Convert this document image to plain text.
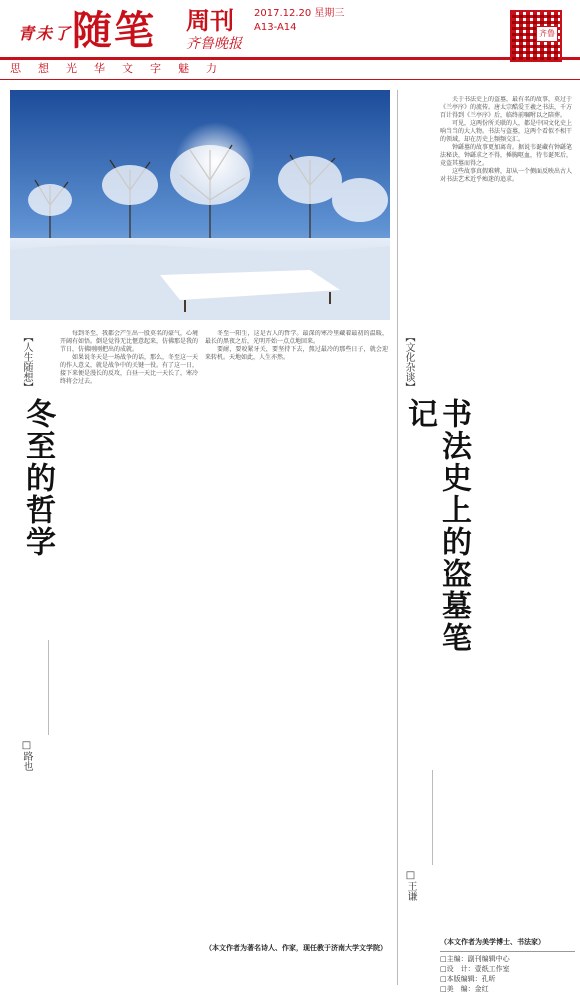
青未了随笔	周刊
齐鲁晚报
2017.12.20 星期三
A13-A14
齐鲁
思想光华文字魅力
【人生随想】
冬至的哲学
□路也

每到冬至，我都会产生出一股莫名的豪气，心境开阔有如悟。倒是觉得无比惬意起来，仿佛那是我的节日，仿佛刚刚把出的成就。

如果说冬天是一场战争的话，那么，冬至这一天的作人意义，就是战争中的关键一役。有了这一日，接下来便是漫长的反攻，白昼一天比一天长了，寒冷终将会过去。

冬至一阳生，这是古人的哲学。最深的寒冷里藏着最初的温暖，最长的黑夜之后，光明开始一点点地回来。

要耐，要咬紧牙关，要坚持下去，熬过最冷的那些日子，就会迎来转机。天地如此，人生亦然。

（本文作者为著名诗人、作家，现任教于济南大学文学院）
【文化杂谈】
书法史上的盗墓笔记
□王谦

关于书法史上的盗墓，最有名的故事，莫过于《兰亭序》的流传。唐太宗酷爱王羲之书法，千方百计得到《兰亭序》后，临终前嘱咐以之陪葬。

可见，这两份所关联的人，都是中国文化史上响当当的大人物。书法与盗墓，这两个看似不相干的领域，却在历史上频频交汇。

钟繇墓的故事更加离奇。据说韦诞藏有钟繇笔法秘诀，钟繇求之不得，捶胸呕血，待韦诞死后，竟盗其墓而得之。

这些故事真假难辨，却从一个侧面反映出古人对书法艺术近乎痴迷的追求。

（本文作者为美学博士、书法家）
□主编：副刊编辑中心
□设　计：壹纸工作室
□本版编辑：孔昕
□美　编：金红
